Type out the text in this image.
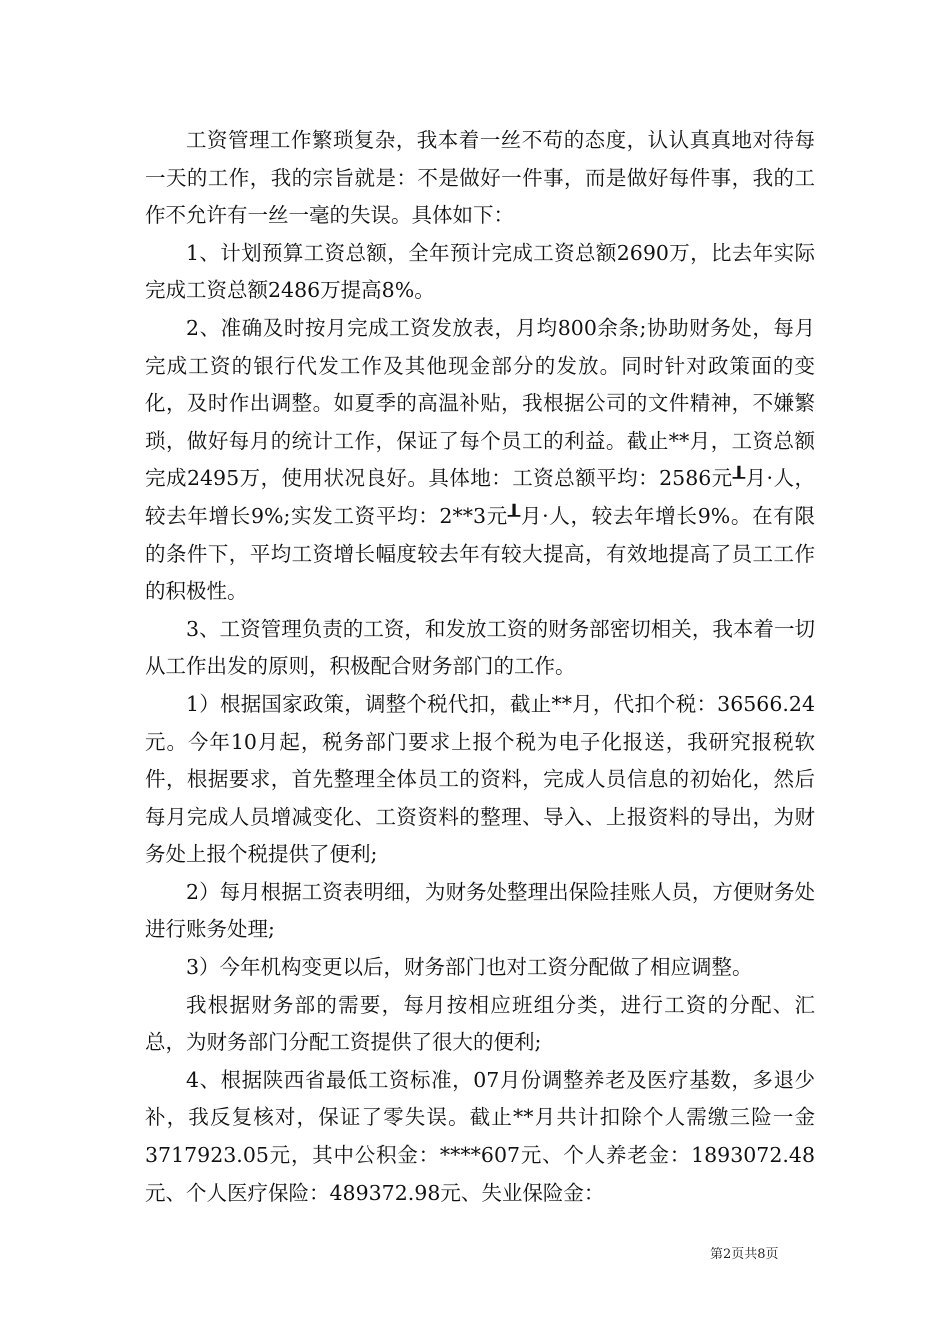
工资管理工作繁琐复杂，我本着一丝不苟的态度，认认真真地对待每一天的工作，我的宗旨就是：不是做好一件事，而是做好每件事，我的工作不允许有一丝一毫的失误。具体如下：

1、计划预算工资总额，全年预计完成工资总额2690万，比去年实际完成工资总额2486万提高8%。

2、准确及时按月完成工资发放表，月均800余条;协助财务处，每月完成工资的银行代发工作及其他现金部分的发放。同时针对政策面的变化，及时作出调整。如夏季的高温补贴，我根据公司的文件精神，不嫌繁琐，做好每月的统计工作，保证了每个员工的利益。截止**月，工资总额完成2495万，使用状况良好。具体地：工资总额平均：2586元┸月·人，较去年增长9%;实发工资平均：2**3元┸月·人，较去年增长9%。在有限的条件下，平均工资增长幅度较去年有较大提高，有效地提高了员工工作的积极性。

3、工资管理负责的工资，和发放工资的财务部密切相关，我本着一切从工作出发的原则，积极配合财务部门的工作。

1）根据国家政策，调整个税代扣，截止**月，代扣个税：36566.24元。今年10月起，税务部门要求上报个税为电子化报送，我研究报税软件，根据要求，首先整理全体员工的资料，完成人员信息的初始化，然后每月完成人员增减变化、工资资料的整理、导入、上报资料的导出，为财务处上报个税提供了便利;

2）每月根据工资表明细，为财务处整理出保险挂账人员，方便财务处进行账务处理;

3）今年机构变更以后，财务部门也对工资分配做了相应调整。

我根据财务部的需要，每月按相应班组分类，进行工资的分配、汇总，为财务部门分配工资提供了很大的便利;

4、根据陕西省最低工资标准，07月份调整养老及医疗基数，多退少补，我反复核对，保证了零失误。截止**月共计扣除个人需缴三险一金3717923.05元，其中公积金：****607元、个人养老金：1893072.48元、个人医疗保险：489372.98元、失业保险金：

第2页共8页
